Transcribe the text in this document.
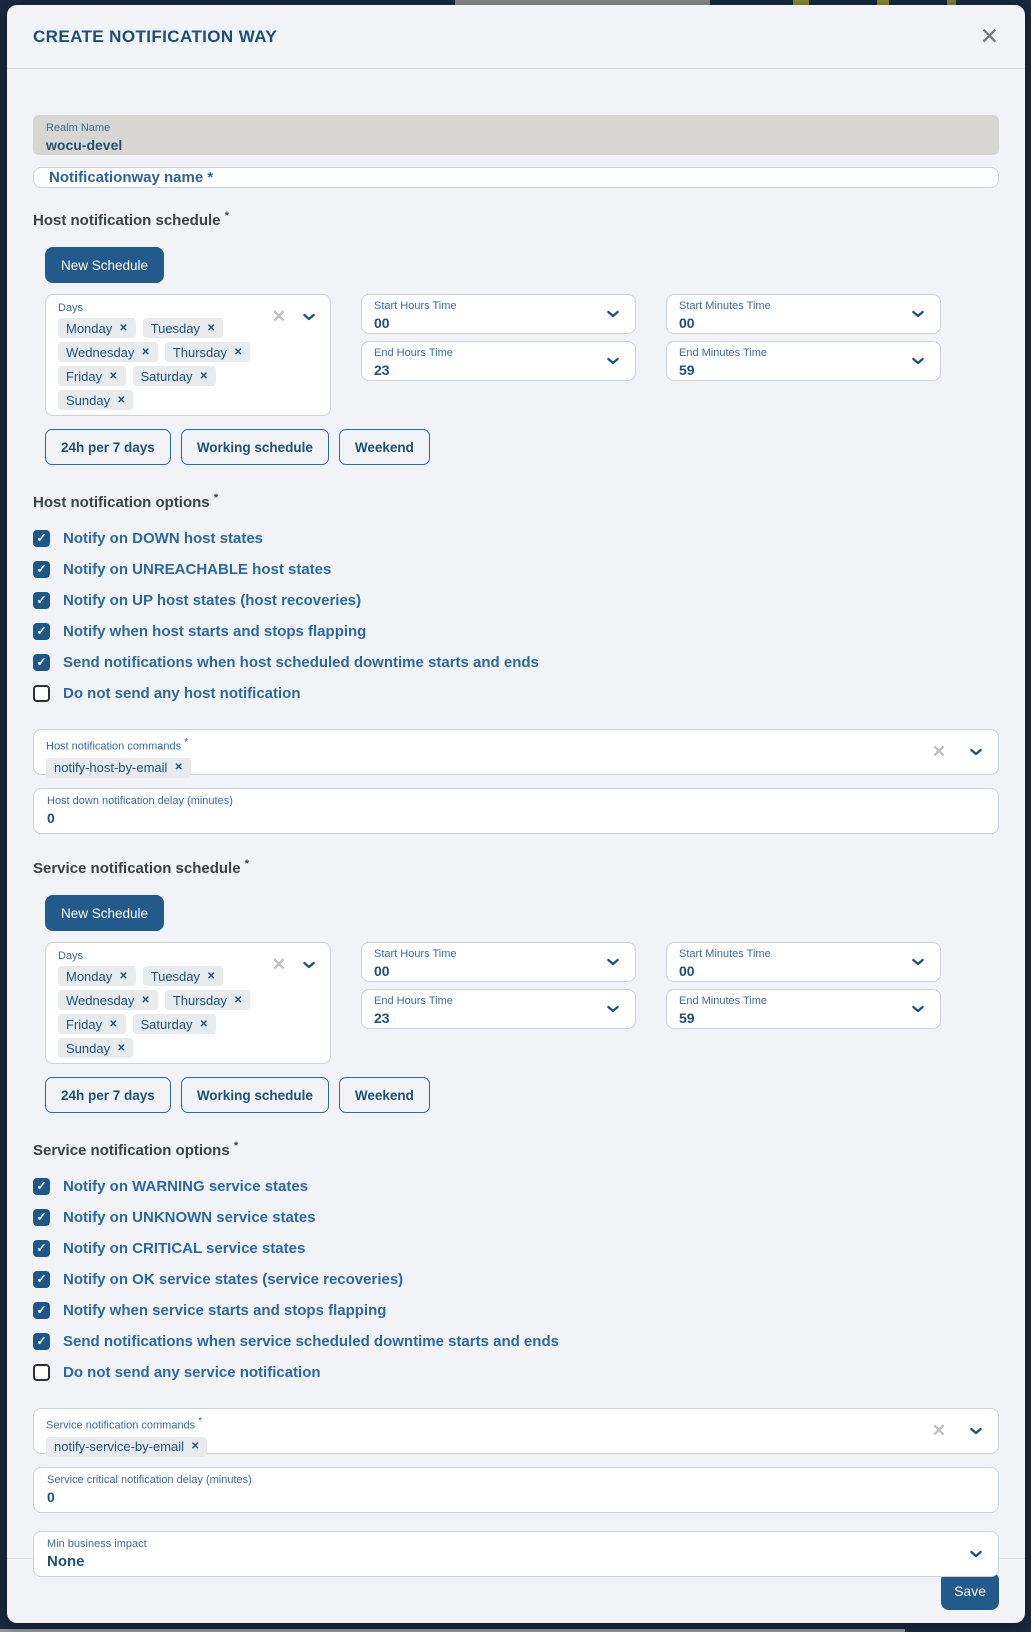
CREATE NOTIFICATION WAY	✕
Realm Name
wocu-devel
Notificationway name *
Host notification schedule *
New Schedule
Days
Monday ✕ Tuesday ✕
Wednesday ✕ Thursday ✕
Friday ✕ Saturday ✕
Sunday ✕
✕
Start Hours Time
00
End Hours Time
23
Start Minutes Time
00
End Minutes Time
59
24h per 7 days	Working schedule	Weekend
Host notification options *
✓
Notify on DOWN host states
✓
Notify on UNREACHABLE host states
✓
Notify on UP host states (host recoveries)
✓
Notify when host starts and stops flapping
✓
Send notifications when host scheduled downtime starts and ends
Do not send any host notification
Host notification commands *
notify-host-by-email ✕
✕
Host down notification delay (minutes)
0
Service notification schedule *
New Schedule
Days
Monday ✕ Tuesday ✕
Wednesday ✕ Thursday ✕
Friday ✕ Saturday ✕
Sunday ✕
✕
Start Hours Time
00
End Hours Time
23
Start Minutes Time
00
End Minutes Time
59
24h per 7 days	Working schedule	Weekend
Service notification options *
✓
Notify on WARNING service states
✓
Notify on UNKNOWN service states
✓
Notify on CRITICAL service states
✓
Notify on OK service states (service recoveries)
✓
Notify when service starts and stops flapping
✓
Send notifications when service scheduled downtime starts and ends
Do not send any service notification
Service notification commands *
notify-service-by-email ✕
✕
Service critical notification delay (minutes)
0
Min business impact
None
Save
